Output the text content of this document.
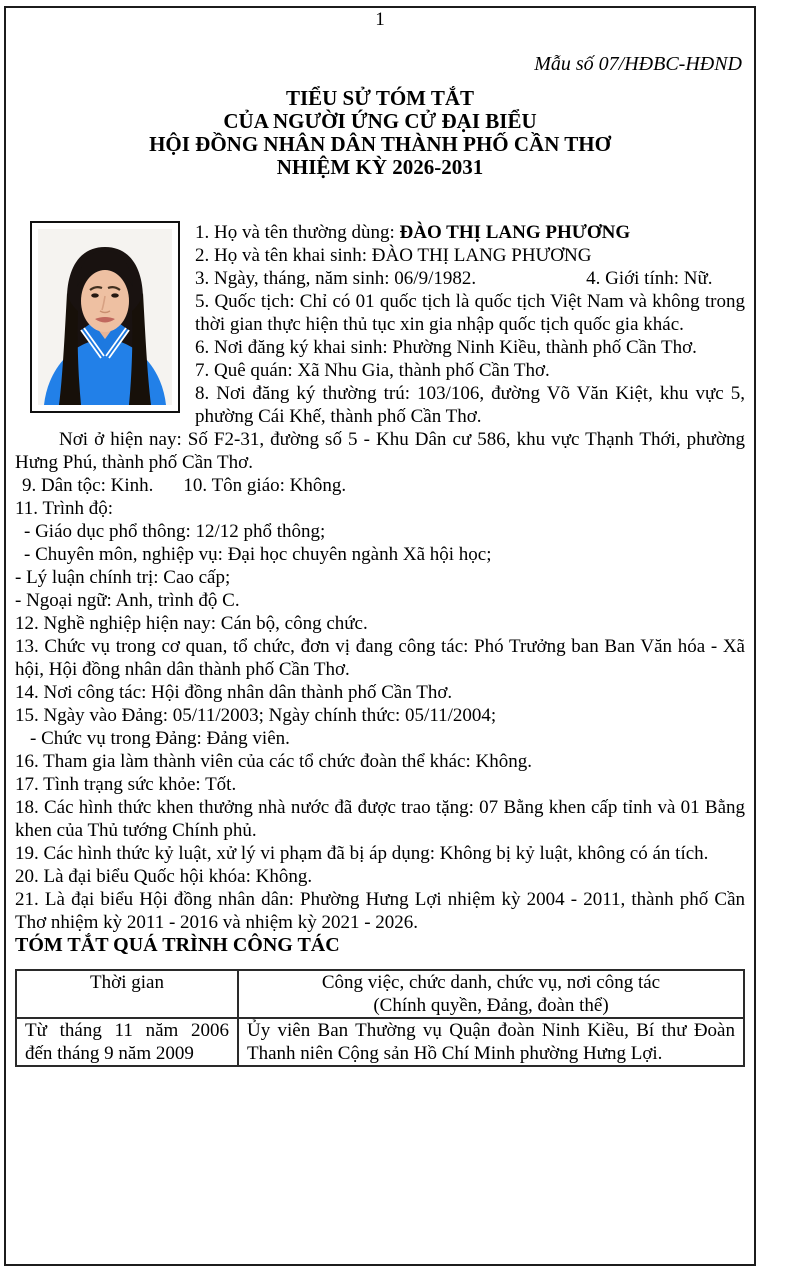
1
Mẫu số 07/HĐBC-HĐND
TIỂU SỬ TÓM TẮT
CỦA NGƯỜI ỨNG CỬ ĐẠI BIỂU
HỘI ĐỒNG NHÂN DÂN THÀNH PHỐ CẦN THƠ
NHIỆM KỲ 2026-2031

1. Họ và tên thường dùng: ĐÀO THỊ LANG PHƯƠNG

2. Họ và tên khai sinh: ĐÀO THỊ LANG PHƯƠNG

3. Ngày, tháng, năm sinh: 06/9/1982.	4. Giới tính: Nữ.

5. Quốc tịch: Chỉ có 01 quốc tịch là quốc tịch Việt Nam và không trong thời gian thực hiện thủ tục xin gia nhập quốc tịch quốc gia khác.

6. Nơi đăng ký khai sinh: Phường Ninh Kiều, thành phố Cần Thơ.

7. Quê quán: Xã Nhu Gia, thành phố Cần Thơ.

8. Nơi đăng ký thường trú: 103/106, đường Võ Văn Kiệt, khu vực 5, phường Cái Khế, thành phố Cần Thơ.

Nơi ở hiện nay: Số F2-31, đường số 5 - Khu Dân cư 586, khu vực Thạnh Thới, phường Hưng Phú, thành phố Cần Thơ.

9. Dân tộc: Kinh. 10. Tôn giáo: Không.

11. Trình độ:

- Giáo dục phổ thông: 12/12 phổ thông;

- Chuyên môn, nghiệp vụ: Đại học chuyên ngành Xã hội học;

- Lý luận chính trị: Cao cấp;

- Ngoại ngữ: Anh, trình độ C.

12. Nghề nghiệp hiện nay: Cán bộ, công chức.

13. Chức vụ trong cơ quan, tổ chức, đơn vị đang công tác: Phó Trưởng ban Ban Văn hóa - Xã hội, Hội đồng nhân dân thành phố Cần Thơ.

14. Nơi công tác: Hội đồng nhân dân thành phố Cần Thơ.

15. Ngày vào Đảng: 05/11/2003; Ngày chính thức: 05/11/2004;

- Chức vụ trong Đảng: Đảng viên.

16. Tham gia làm thành viên của các tổ chức đoàn thể khác: Không.

17. Tình trạng sức khỏe: Tốt.

18. Các hình thức khen thưởng nhà nước đã được trao tặng: 07 Bằng khen cấp tỉnh và 01 Bằng khen của Thủ tướng Chính phủ.

19. Các hình thức kỷ luật, xử lý vi phạm đã bị áp dụng: Không bị kỷ luật, không có án tích.

20. Là đại biểu Quốc hội khóa: Không.

21. Là đại biểu Hội đồng nhân dân: Phường Hưng Lợi nhiệm kỳ 2004 - 2011, thành phố Cần Thơ nhiệm kỳ 2011 - 2016 và nhiệm kỳ 2021 - 2026.

TÓM TẮT QUÁ TRÌNH CÔNG TÁC

Thời gian	Công việc, chức danh, chức vụ, nơi công tác
(Chính quyền, Đảng, đoàn thể)

Từ tháng 11 năm 2006 đến tháng 9 năm 2009	Ủy viên Ban Thường vụ Quận đoàn Ninh Kiều, Bí thư Đoàn Thanh niên Cộng sản Hồ Chí Minh phường Hưng Lợi.
